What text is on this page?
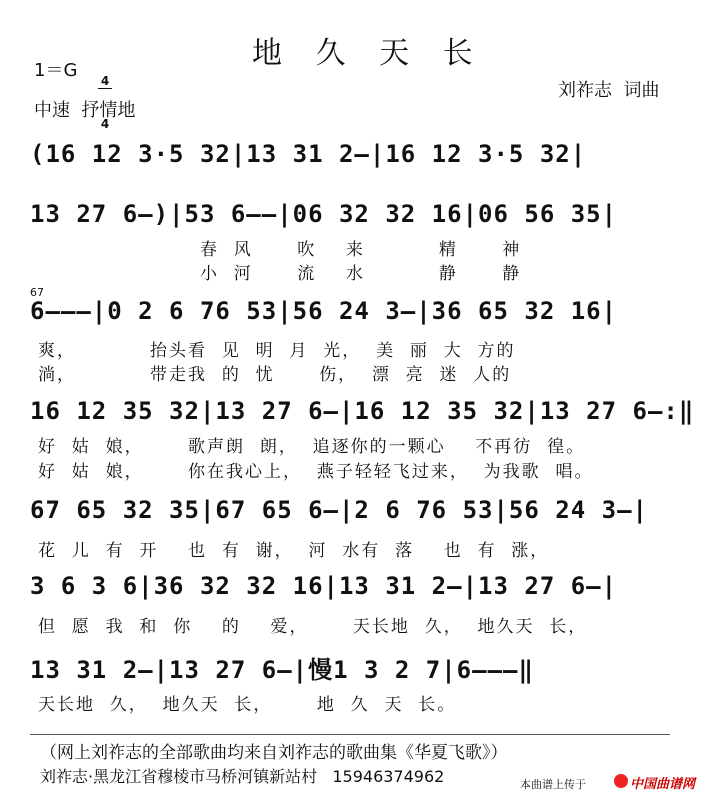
地 久 天 长
1＝G

4

4

中速  抒情地
刘祚志  词曲
(16 12 3·5 32|13 31 2—|16 12 3·5 32|
13 27 6—)|53 6——|06 32 32 16|06 56 35|
春  风      吹    来          精      神
小  河      流    水          静      静
67
6———|0 2 6 76 53|56 24 3—|36 65 32 16|
爽，          抬头看  见  明  月  光，  美  丽  大  方的
淌，          带走我  的  忧      伤，  漂  亮  迷  人的
16 12 35 32|13 27 6—|16 12 35 32|13 27 6—:‖
好  姑  娘，      歌声朗  朗，  追逐你的一颗心    不再彷  徨。
好  姑  娘，      你在我心上，  燕子轻轻飞过来，  为我歌  唱。
67 65 32 35|67 65 6—|2 6 76 53|56 24 3—|
花  儿  有  开    也  有  谢，  河  水有  落    也  有  涨，
3 6 3 6|36 32 32 16|13 31 2—|13 27 6—|
但  愿  我  和  你    的    爱，      天长地  久，  地久天  长，
13 31 2—|13 27 6—|慢1 3 2 7|6———‖
天长地  久，  地久天  长，      地  久  天  长。
（网上刘祚志的全部歌曲均来自刘祚志的歌曲集《华夏飞歌》）
刘祚志·黑龙江省穆棱市马桥河镇新站村   15946374962	本曲谱上传于	中国曲谱网
